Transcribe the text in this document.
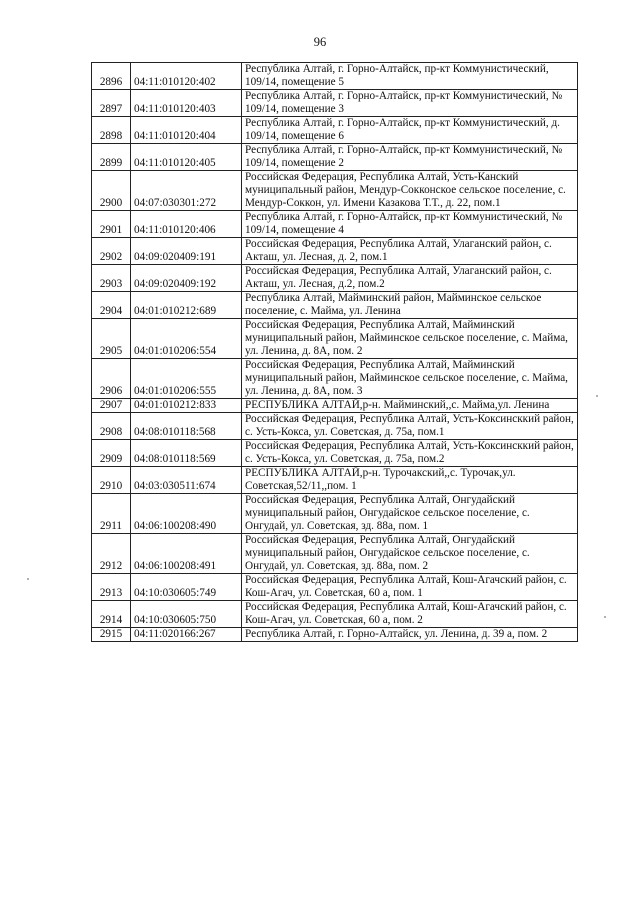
96
2896	04:11:010120:402	Республика Алтай, г. Горно-Алтайск, пр-кт Коммунистический, 109/14, помещение 5
2897	04:11:010120:403	Республика Алтай, г. Горно-Алтайск, пр-кт Коммунистический, № 109/14, помещение 3
2898	04:11:010120:404	Республика Алтай, г. Горно-Алтайск, пр-кт Коммунистический, д. 109/14, помещение 6
2899	04:11:010120:405	Республика Алтай, г. Горно-Алтайск, пр-кт Коммунистический, № 109/14, помещение 2
2900	04:07:030301:272	Российская Федерация, Республика Алтай, Усть-Канский муниципальный район, Мендур-Сокконское сельское поселение, с. Мендур-Соккон, ул. Имени Казакова Т.Т., д. 22, пом.1
2901	04:11:010120:406	Республика Алтай, г. Горно-Алтайск, пр-кт Коммунистический, № 109/14, помещение 4
2902	04:09:020409:191	Российская Федерация, Республика Алтай, Улаганский район, с. Акташ, ул. Лесная, д. 2, пом.1
2903	04:09:020409:192	Российская Федерация, Республика Алтай, Улаганский район, с. Акташ, ул. Лесная, д.2, пом.2
2904	04:01:010212:689	Республика Алтай, Майминский район, Майминское сельское поселение, с. Майма, ул. Ленина
2905	04:01:010206:554	Российская Федерация, Республика Алтай, Майминский муниципальный район, Майминское сельское поселение, с. Майма, ул. Ленина, д. 8А, пом. 2
2906	04:01:010206:555	Российская Федерация, Республика Алтай, Майминский муниципальный район, Майминское сельское поселение, с. Майма, ул. Ленина, д. 8А, пом. 3
2907	04:01:010212:833	РЕСПУБЛИКА АЛТАЙ,р-н. Майминский,,с. Майма,ул. Ленина
2908	04:08:010118:568	Российская Федерация, Республика Алтай, Усть-Коксинсккий район, с. Усть-Кокса, ул. Советская, д. 75а, пом.1
2909	04:08:010118:569	Российская Федерация, Республика Алтай, Усть-Коксинсккий район, с. Усть-Кокса, ул. Советская, д. 75а, пом.2
2910	04:03:030511:674	РЕСПУБЛИКА АЛТАЙ,р-н. Турочакский,,с. Турочак,ул. Советская,52/11,,пом. 1
2911	04:06:100208:490	Российская Федерация, Республика Алтай, Онгудайский муниципальный район, Онгудайское сельское поселение, с. Онгудай, ул. Советская, зд. 88а, пом. 1
2912	04:06:100208:491	Российская Федерация, Республика Алтай, Онгудайский муниципальный район, Онгудайское сельское поселение, с. Онгудай, ул. Советская, зд. 88а, пом. 2
2913	04:10:030605:749	Российская Федерация, Республика Алтай, Кош-Агачский район, с. Кош-Агач, ул. Советская, 60 а, пом. 1
2914	04:10:030605:750	Российская Федерация, Республика Алтай, Кош-Агачский район, с. Кош-Агач, ул. Советская, 60 а, пом. 2
2915	04:11:020166:267	Республика Алтай, г. Горно-Алтайск, ул. Ленина, д. 39 а, пом. 2
